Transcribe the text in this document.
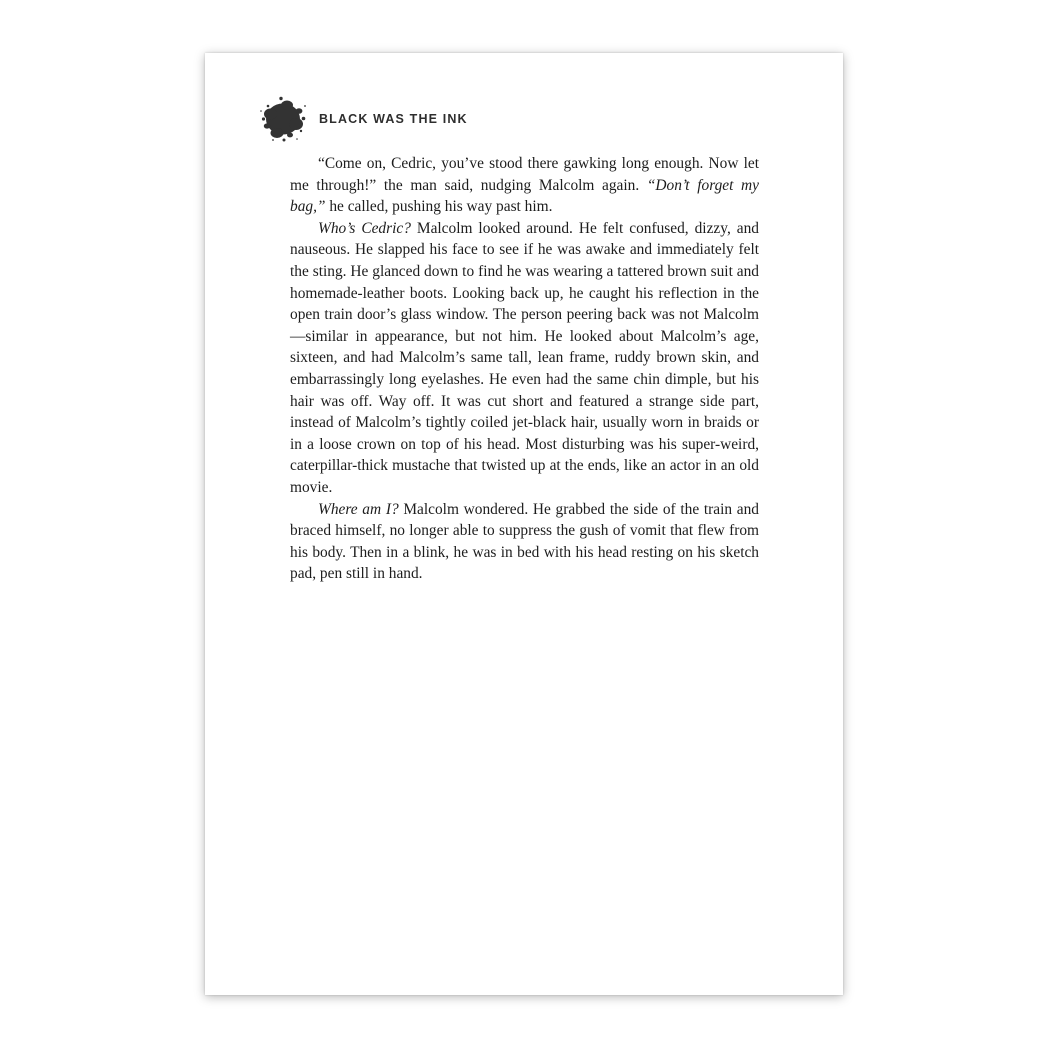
BLACK WAS THE INK

“Come on, Cedric, you’ve stood there gawking long enough. Now let me through!” the man said, nudging Malcolm again. “Don’t forget my bag,” he called, pushing his way past him.

Who’s Cedric? Malcolm looked around. He felt confused, dizzy, and nauseous. He slapped his face to see if he was awake and immediately felt the sting. He glanced down to find he was wearing a tattered brown suit and homemade-leather boots. Looking back up, he caught his reflection in the open train door’s glass window. The person peering back was not Malcolm—similar in appearance, but not him. He looked about Malcolm’s age, sixteen, and had Malcolm’s same tall, lean frame, ruddy brown skin, and embarrassingly long eyelashes. He even had the same chin dimple, but his hair was off. Way off. It was cut short and featured a strange side part, instead of Malcolm’s tightly coiled jet-black hair, usually worn in braids or in a loose crown on top of his head. Most disturbing was his super-weird, caterpillar-thick mustache that twisted up at the ends, like an actor in an old movie.

Where am I? Malcolm wondered. He grabbed the side of the train and braced himself, no longer able to suppress the gush of vomit that flew from his body. Then in a blink, he was in bed with his head resting on his sketch pad, pen still in hand.
